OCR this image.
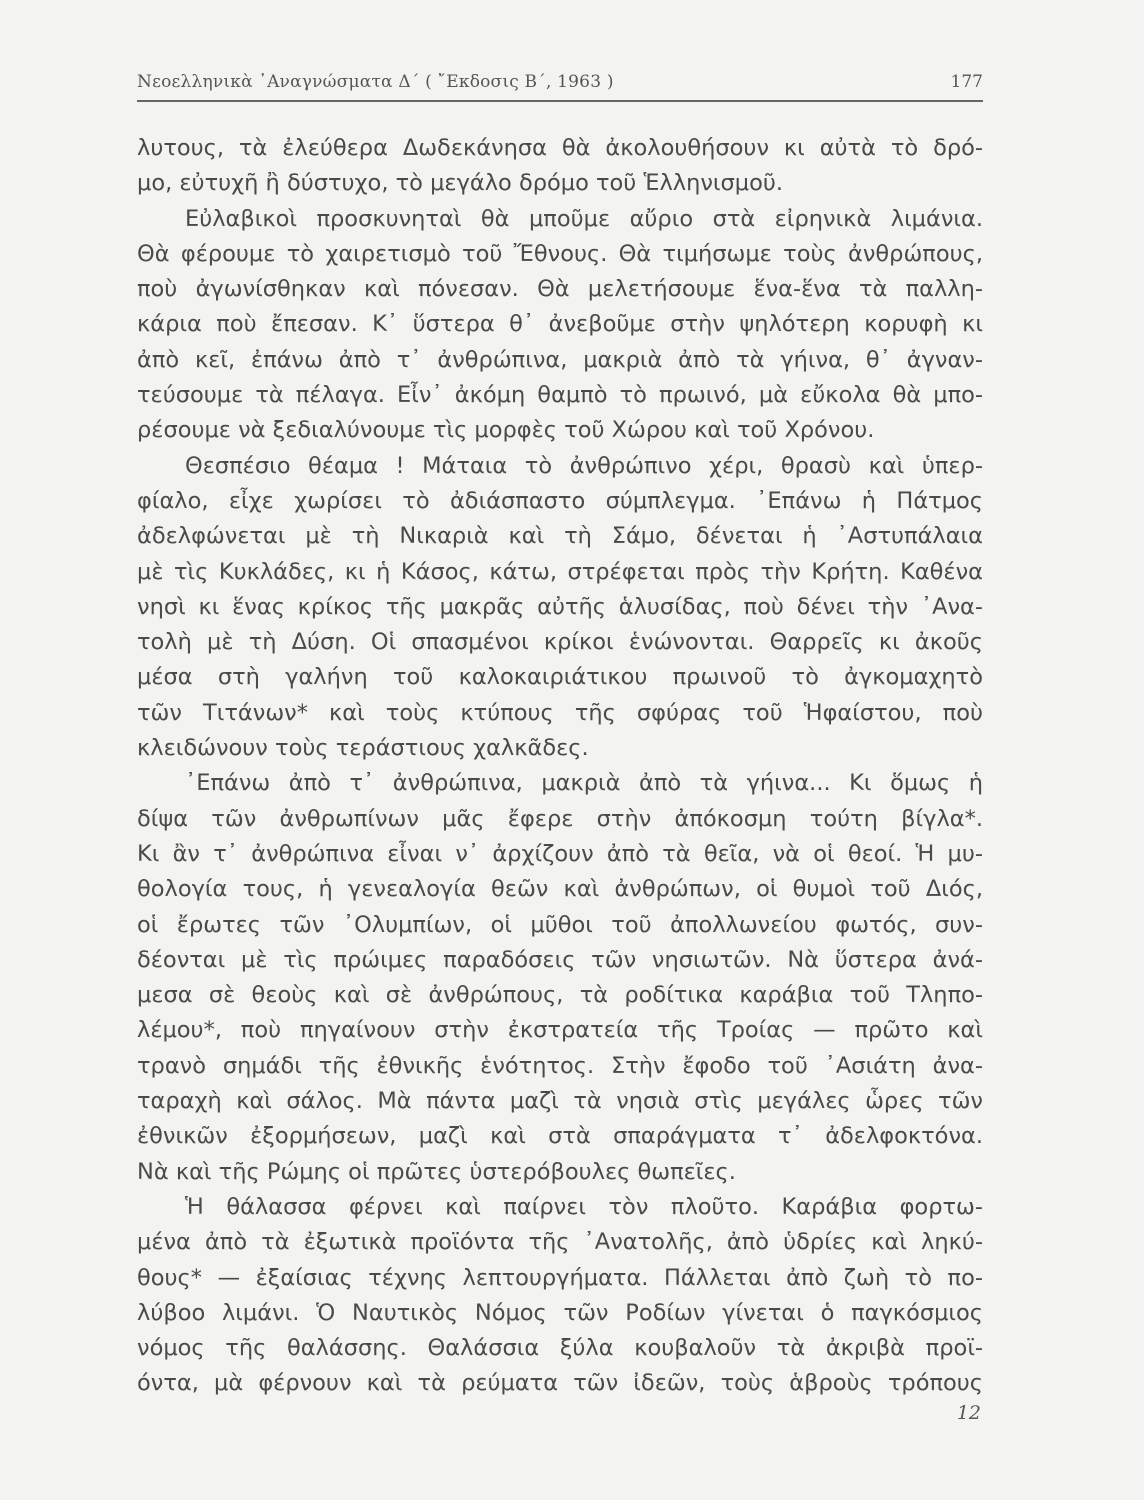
Νεοελληνικὰ ᾿Αναγνώσματα Δ΄ ( ῎Εκδοσις Β΄, 1963 )	177
λυτους, τὰ ἐλεύθερα Δωδεκάνησα θὰ ἀκολουθήσουν κι αὐτὰ τὸ δρό-
μο, εὐτυχῆ ἢ δύστυχο, τὸ μεγάλο δρόμο τοῦ Ἑλληνισμοῦ.
Εὐλαβικοὶ προσκυνηταὶ θὰ μποῦμε αὔριο στὰ εἰρηνικὰ λιμάνια.
Θὰ φέρουμε τὸ χαιρετισμὸ τοῦ Ἔθνους. Θὰ τιμήσωμε τοὺς ἀνθρώπους,
ποὺ ἀγωνίσθηκαν καὶ πόνεσαν. Θὰ μελετήσουμε ἕνα-ἕνα τὰ παλλη-
κάρια ποὺ ἔπεσαν. Κ᾿ ὕστερα θ᾿ ἀνεβοῦμε στὴν ψηλότερη κορυφὴ κι
ἀπὸ κεῖ, ἐπάνω ἀπὸ τ᾿ ἀνθρώπινα, μακριὰ ἀπὸ τὰ γήινα, θ᾿ ἀγναν-
τεύσουμε τὰ πέλαγα. Εἶν᾿ ἀκόμη θαμπὸ τὸ πρωινό, μὰ εὔκολα θὰ μπο-
ρέσουμε νὰ ξεδιαλύνουμε τὶς μορφὲς τοῦ Χώρου καὶ τοῦ Χρόνου.
Θεσπέσιο θέαμα ! Μάταια τὸ ἀνθρώπινο χέρι, θρασὺ καὶ ὑπερ-
φίαλο, εἶχε χωρίσει τὸ ἀδιάσπαστο σύμπλεγμα. ᾿Επάνω ἡ Πάτμος
ἀδελφώνεται μὲ τὴ Νικαριὰ καὶ τὴ Σάμο, δένεται ἡ ᾿Αστυπάλαια
μὲ τὶς Κυκλάδες, κι ἡ Κάσος, κάτω, στρέφεται πρὸς τὴν Κρήτη. Καθένα
νησὶ κι ἕνας κρίκος τῆς μακρᾶς αὐτῆς ἁλυσίδας, ποὺ δένει τὴν ᾿Ανα-
τολὴ μὲ τὴ Δύση. Οἱ σπασμένοι κρίκοι ἑνώνονται. Θαρρεῖς κι ἀκοῦς
μέσα στὴ γαλήνη τοῦ καλοκαιριάτικου πρωινοῦ τὸ ἀγκομαχητὸ
τῶν Τιτάνων* καὶ τοὺς κτύπους τῆς σφύρας τοῦ Ἡφαίστου, ποὺ
κλειδώνουν τοὺς τεράστιους χαλκᾶδες.
᾿Επάνω ἀπὸ τ᾿ ἀνθρώπινα, μακριὰ ἀπὸ τὰ γήινα... Κι ὅμως ἡ
δίψα τῶν ἀνθρωπίνων μᾶς ἔφερε στὴν ἀπόκοσμη τούτη βίγλα*.
Κι ἂν τ᾿ ἀνθρώπινα εἶναι ν᾿ ἀρχίζουν ἀπὸ τὰ θεῖα, νὰ οἱ θεοί. Ἡ μυ-
θολογία τους, ἡ γενεαλογία θεῶν καὶ ἀνθρώπων, οἱ θυμοὶ τοῦ Διός,
οἱ ἔρωτες τῶν ᾿Ολυμπίων, οἱ μῦθοι τοῦ ἀπολλωνείου φωτός, συν-
δέονται μὲ τὶς πρώιμες παραδόσεις τῶν νησιωτῶν. Νὰ ὕστερα ἀνά-
μεσα σὲ θεοὺς καὶ σὲ ἀνθρώπους, τὰ ροδίτικα καράβια τοῦ Τληπο-
λέμου*, ποὺ πηγαίνουν στὴν ἐκστρατεία τῆς Τροίας — πρῶτο καὶ
τρανὸ σημάδι τῆς ἐθνικῆς ἑνότητος. Στὴν ἔφοδο τοῦ ᾿Ασιάτη ἀνα-
ταραχὴ καὶ σάλος. Μὰ πάντα μαζὶ τὰ νησιὰ στὶς μεγάλες ὧρες τῶν
ἐθνικῶν ἐξορμήσεων, μαζὶ καὶ στὰ σπαράγματα τ᾿ ἀδελφοκτόνα.
Νὰ καὶ τῆς Ρώμης οἱ πρῶτες ὑστερόβουλες θωπεῖες.
Ἡ θάλασσα φέρνει καὶ παίρνει τὸν πλοῦτο. Καράβια φορτω-
μένα ἀπὸ τὰ ἐξωτικὰ προϊόντα τῆς ᾿Ανατολῆς, ἀπὸ ὑδρίες καὶ ληκύ-
θους* — ἐξαίσιας τέχνης λεπτουργήματα. Πάλλεται ἀπὸ ζωὴ τὸ πο-
λύβοο λιμάνι. Ὁ Ναυτικὸς Νόμος τῶν Ροδίων γίνεται ὁ παγκόσμιος
νόμος τῆς θαλάσσης. Θαλάσσια ξύλα κουβαλοῦν τὰ ἀκριβὰ προϊ-
όντα, μὰ φέρνουν καὶ τὰ ρεύματα τῶν ἰδεῶν, τοὺς ἁβροὺς τρόπους
12
